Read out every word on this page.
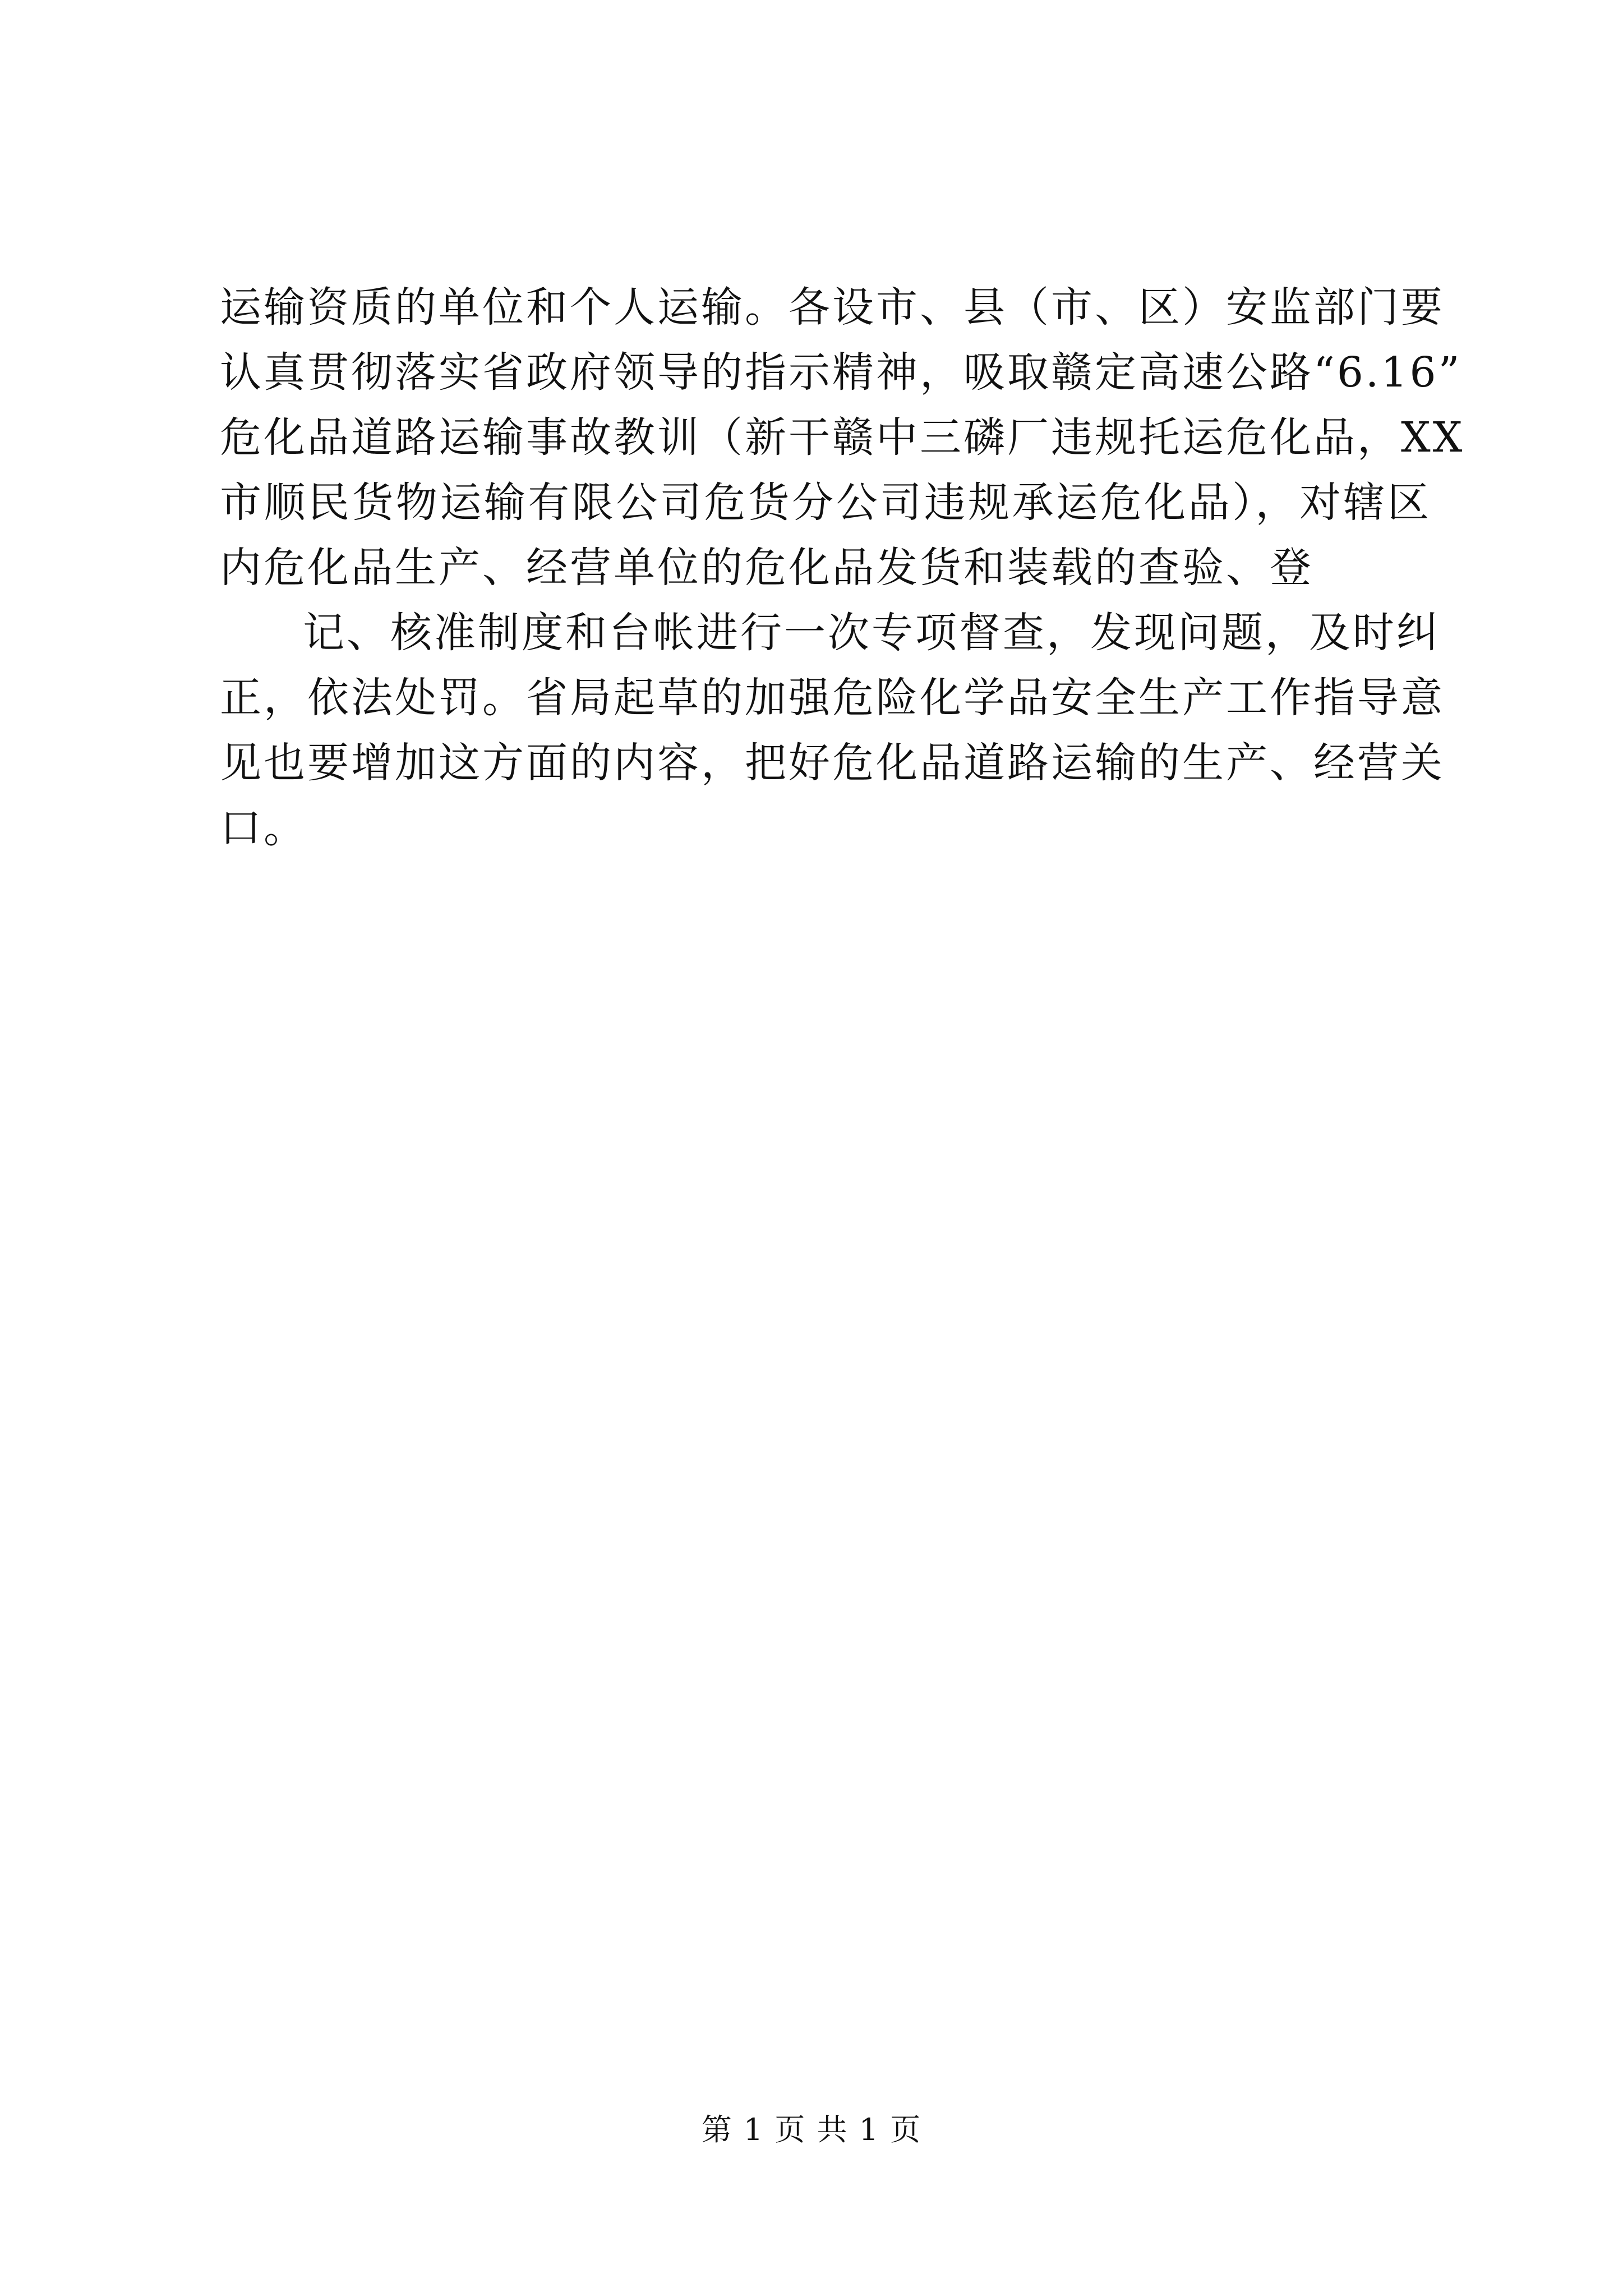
运输资质的单位和个人运输。各设市、县（市、区）安监部门要
认真贯彻落实省政府领导的指示精神，吸取赣定高速公路“6.16”
危化品道路运输事故教训（新干赣中三磷厂违规托运危化品，XX
市顺民货物运输有限公司危货分公司违规承运危化品），对辖区
内危化品生产、经营单位的危化品发货和装载的查验、登
记、核准制度和台帐进行一次专项督查，发现问题，及时纠
正，依法处罚。省局起草的加强危险化学品安全生产工作指导意
见也要增加这方面的内容，把好危化品道路运输的生产、经营关
口。
第 1 页 共 1 页
